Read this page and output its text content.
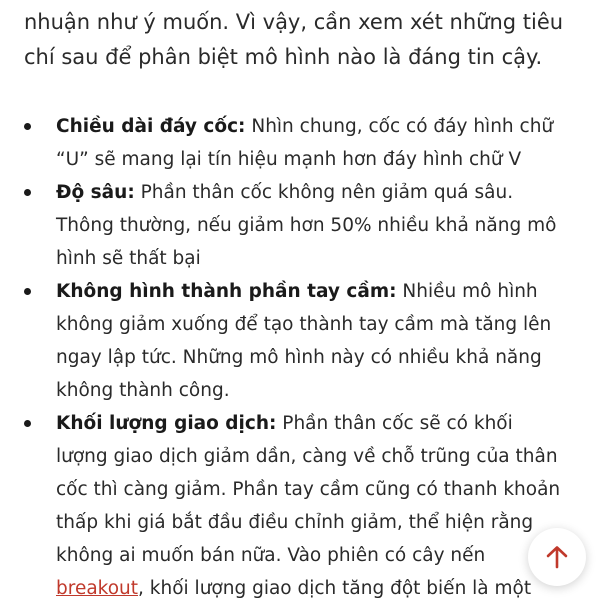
nhuận như ý muốn. Vì vậy, cần xem xét những tiêu chí sau để phân biệt mô hình nào là đáng tin cậy.

Chiều dài đáy cốc: Nhìn chung, cốc có đáy hình chữ “U” sẽ mang lại tín hiệu mạnh hơn đáy hình chữ V
Độ sâu: Phần thân cốc không nên giảm quá sâu. Thông thường, nếu giảm hơn 50% nhiều khả năng mô hình sẽ thất bại
Không hình thành phần tay cầm: Nhiều mô hình không giảm xuống để tạo thành tay cầm mà tăng lên ngay lập tức. Những mô hình này có nhiều khả năng không thành công.
Khối lượng giao dịch: Phần thân cốc sẽ có khối lượng giao dịch giảm dần, càng về chỗ trũng của thân cốc thì càng giảm. Phần tay cầm cũng có thanh khoản thấp khi giá bắt đầu điều chỉnh giảm, thể hiện rằng không ai muốn bán nữa. Vào phiên có cây nến breakout, khối lượng giao dịch tăng đột biến là một
